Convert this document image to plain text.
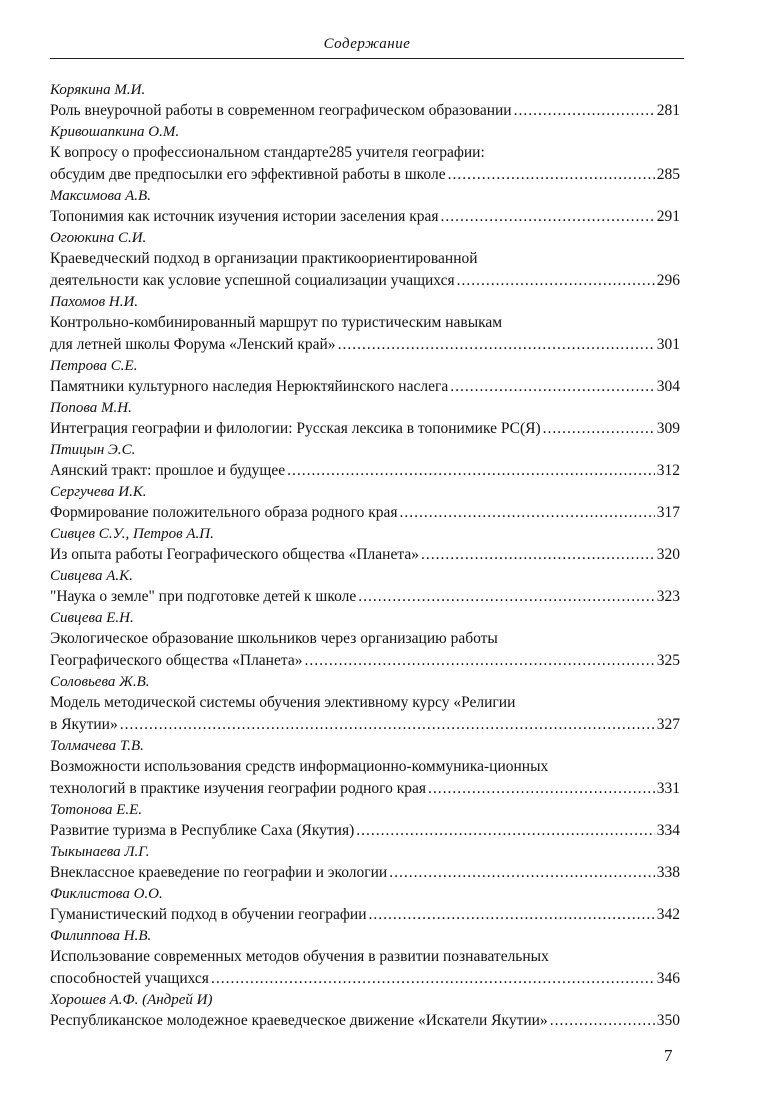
Содержание
Корякина М.И.
Роль внеурочной работы в современном географическом образовании .....	281
Кривошапкина О.М.
К вопросу о профессиональном стандарте285 учителя географии:
обсудим две предпосылки его эффективной работы в школе .....	285
Максимова А.В.
Топонимия как источник изучения истории заселения края .....	291
Огоюкина С.И.
Краеведческий подход в организации практикоориентированной
деятельности как условие успешной социализации учащихся .....	296
Пахомов Н.И.
Контрольно-комбинированный маршрут по туристическим навыкам
для летней школы Форума «Ленский край» .....	301
Петрова С.Е.
Памятники культурного наследия Нерюктяйинского наслега .....	304
Попова М.Н.
Интеграция географии и филологии: Русская лексика в топонимике РС(Я) .....	309
Птицын Э.С.
Аянский тракт: прошлое и будущее .....	312
Сергучева И.К.
Формирование положительного образа родного края .....	317
Сивцев С.У., Петров А.П.
Из опыта работы Географического общества «Планета» .....	320
Сивцева А.К.
"Наука о земле" при подготовке детей к школе .....	323
Сивцева Е.Н.
Экологическое образование школьников через организацию работы
Географического общества «Планета» .....	325
Соловьева Ж.В.
Модель методической системы обучения элективному курсу «Религии
в Якутии» .....	327
Толмачева Т.В.
Возможности использования средств информационно-коммуника-ционных
технологий в практике изучения географии родного края .....	331
Тотонова Е.Е.
Развитие туризма в Республике Саха (Якутия) .....	334
Тыкынаева Л.Г.
Внеклассное краеведение по географии и экологии .....	338
Фиклистова О.О.
Гуманистический подход в обучении географии .....	342
Филиппова Н.В.
Использование современных методов обучения в развитии познавательных
способностей учащихся .....	346
Хорошев А.Ф. (Андрей И)
Республиканское молодежное краеведческое движение «Искатели Якутии» .....	350
7
